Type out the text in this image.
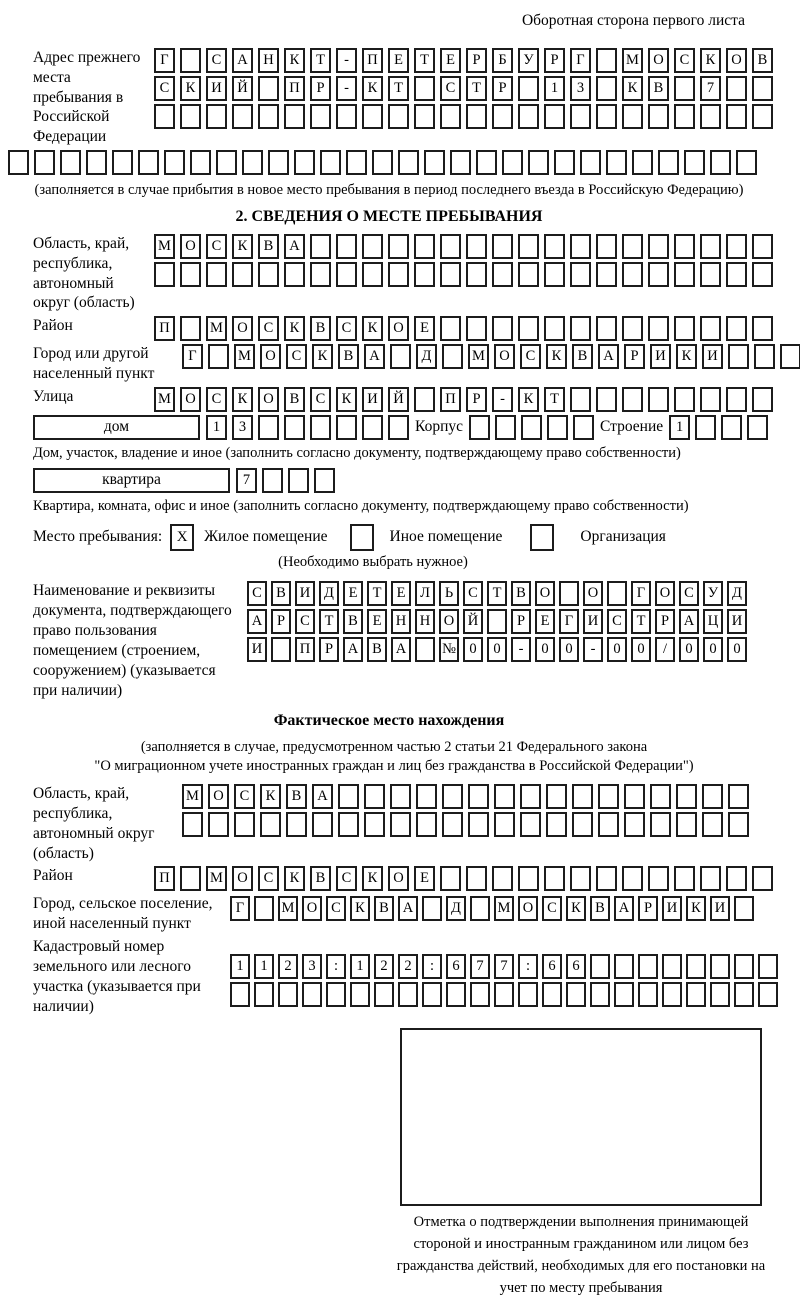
Оборотная сторона первого листа
Адрес прежнего места пребывания в Российской Федерации
Г	С	А	Н	К	Т	-	П	Е	Т	Е	Р	Б	У	Р	Г	М О	С	К	О	В
С	К	И	Й	П	Р	-	К	Т	С	Т	Р	1	3	К	В	7
(заполняется в случае прибытия в новое место пребывания в период последнего въезда в Российскую Федерацию)
2. СВЕДЕНИЯ О МЕСТЕ ПРЕБЫВАНИЯ
Область, край, республика, автономный округ (область)
М О	С	К	В	А
Район	П	М О	С	К	В	С	К	О	Е
Город или другой населенный пункт
Г	М О	С	К	В	А	Д	М О	С	К	В	А	Р	И	К	И
Улица	М О	С	К	О	В	С	К	И	Й	П	Р	-	К	Т
дом	1	3	Корпус	Строение 1
Дом, участок, владение и иное (заполнить согласно документу, подтверждающему право собственности)
квартира	7
Квартира, комната, офис и иное (заполнить согласно документу, подтверждающему право собственности)
Место пребывания: X	Жилое помещение	Иное помещение	Организация
(Необходимо выбрать нужное)
Наименование и реквизиты документа, подтверждающего право пользования помещением (строением, сооружением) (указывается при наличии)
С В И Д	Е	Т	Е	Л	Ь	С	Т	В О	О	Г	О С У Д
А	Р	С	Т	В	Е Н Н О Й	Р	Е	Г	И С	Т	Р	А Ц И
И	П	Р	А В А	№ 0	0	-	0	0	-	0	0	/	0	0	0
Фактическое место нахождения
(заполняется в случае, предусмотренном частью 2 статьи 21 Федерального закона
"О миграционном учете иностранных граждан и лиц без гражданства в Российской Федерации")
Область, край, республика, автономный округ (область)
М О	С	К	В	А
Район	П	М О	С	К	В	С	К	О	Е
Город, сельское поселение, иной населенный пункт
Г	М О С К В А	Д	М О С К В А	Р	И К И
Кадастровый номер земельного или лесного участка (указывается при наличии)
1	1	2	3	:	1	2	2	:	6	7	7	:	6	6
Отметка о подтверждении выполнения принимающей стороной и иностранным гражданином или лицом без гражданства действий, необходимых для его постановки на учет по месту пребывания
